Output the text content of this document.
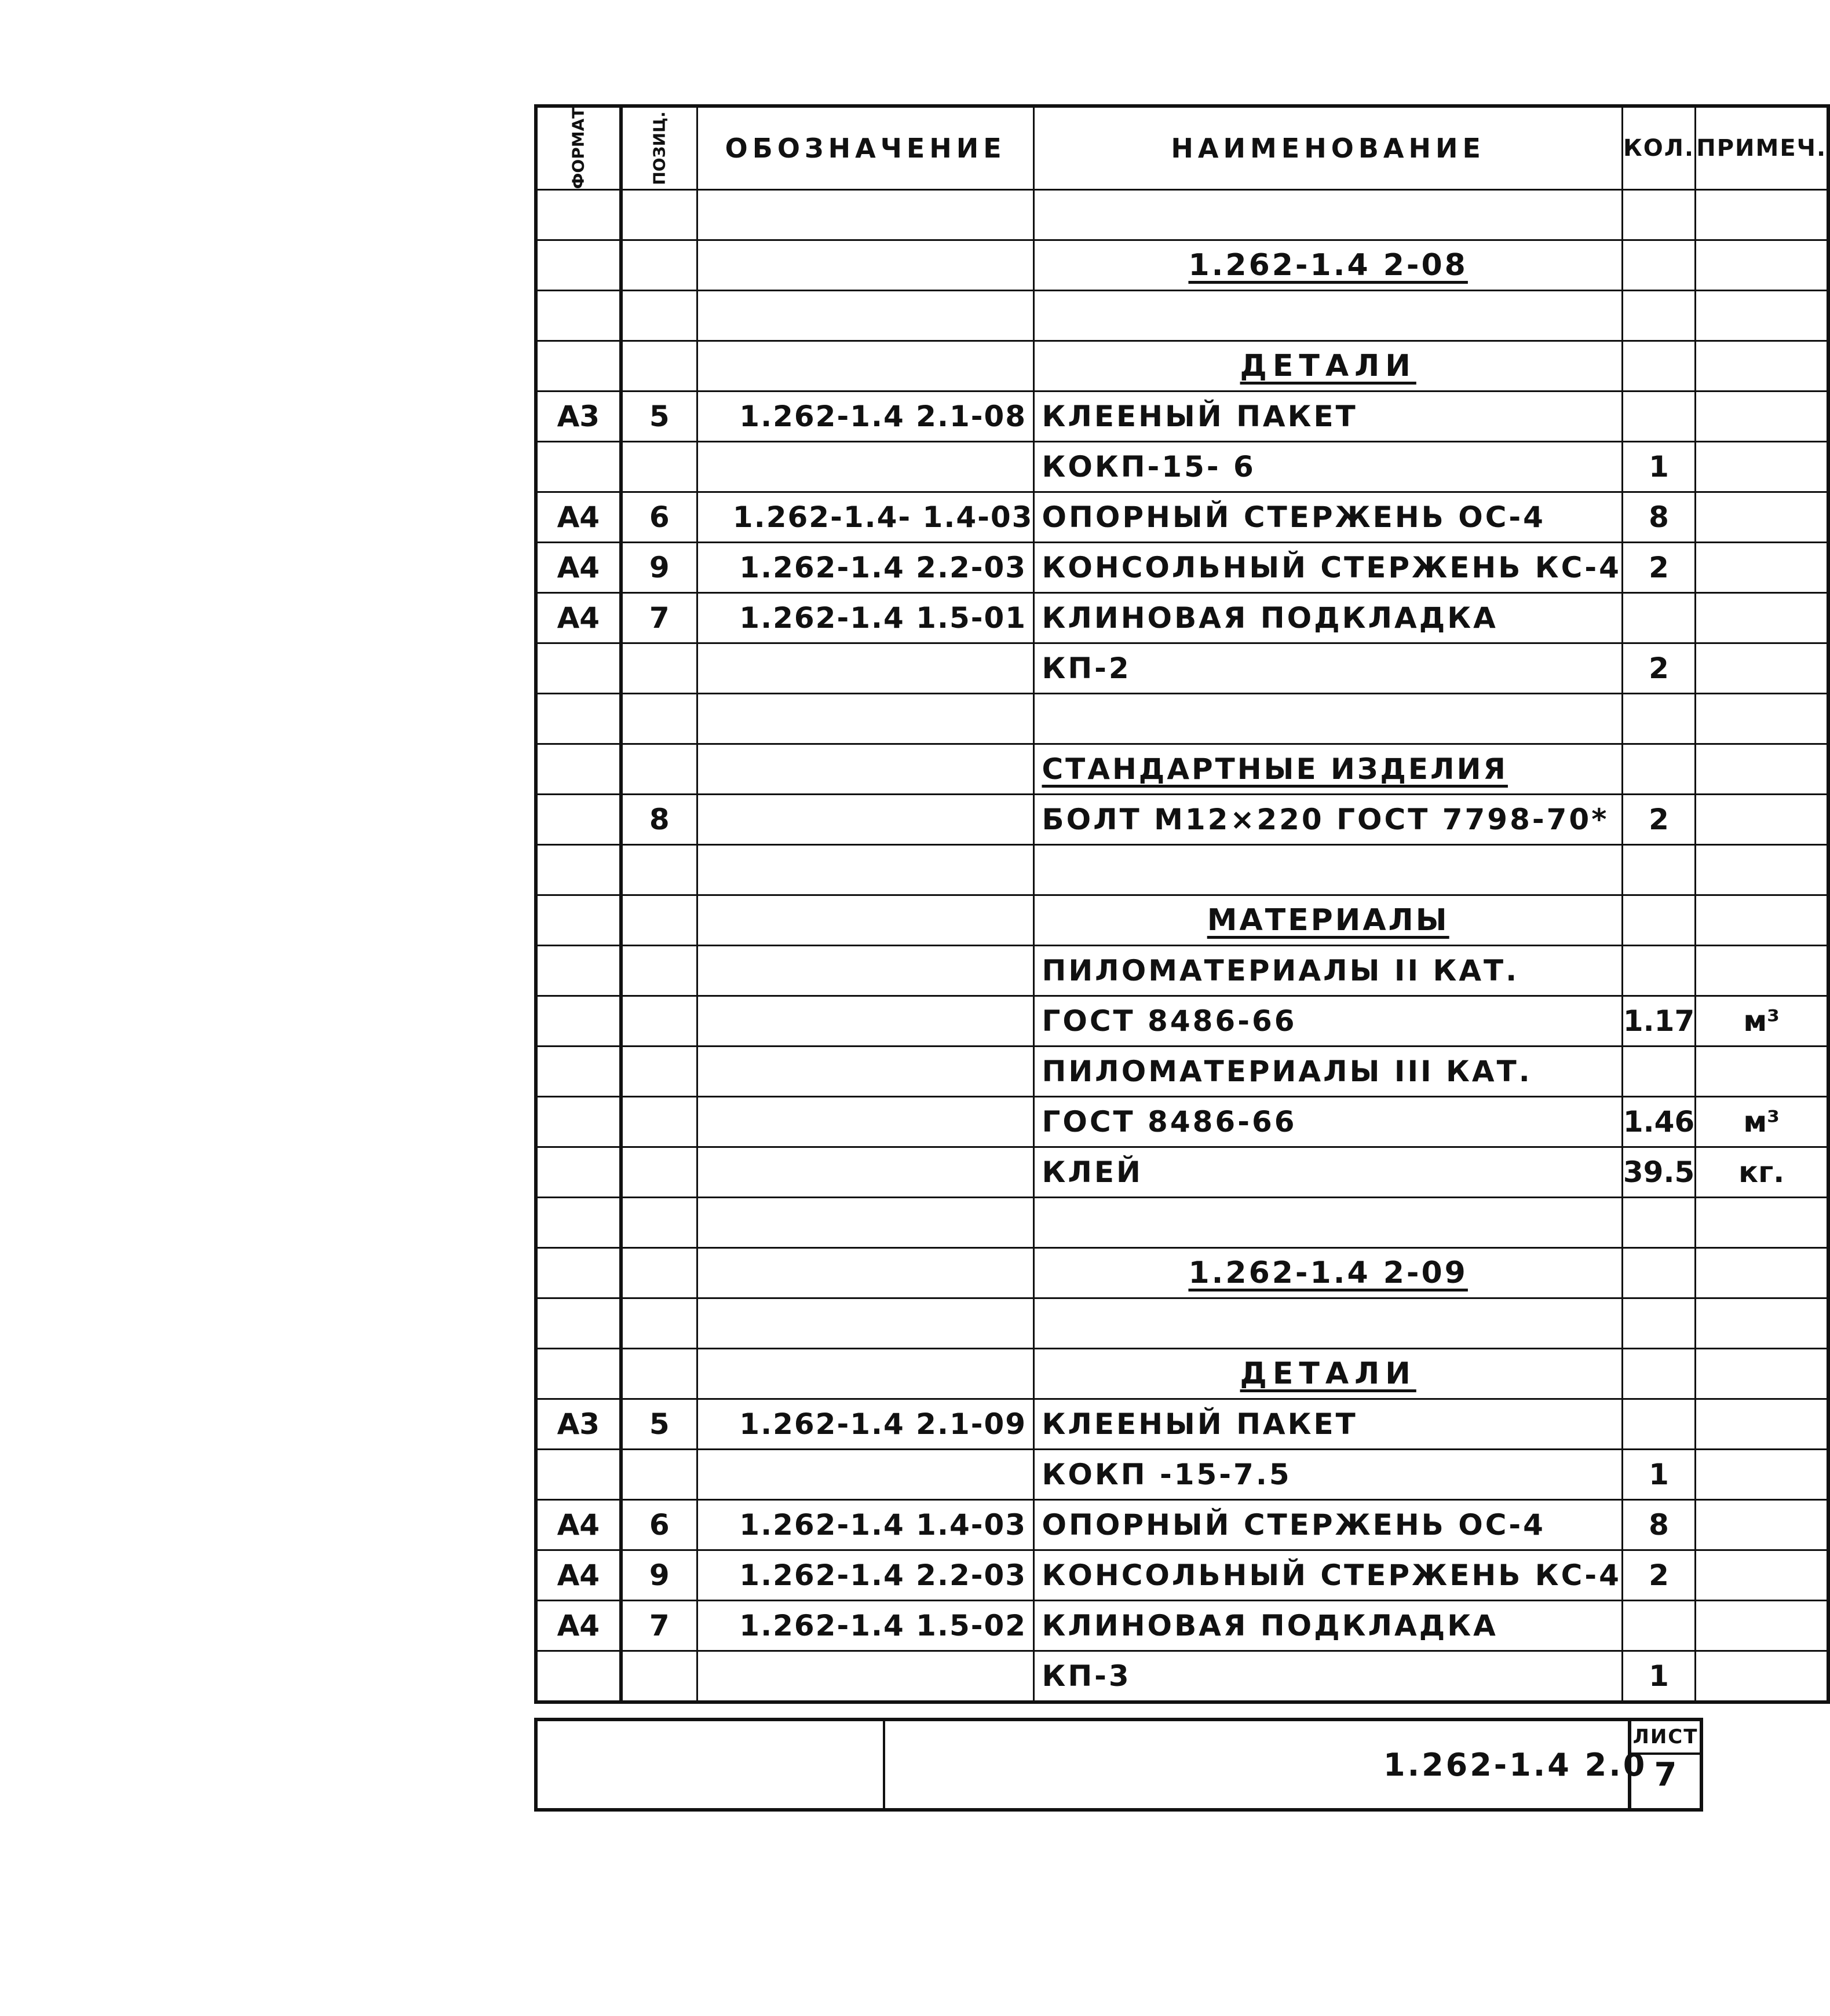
ФОРМАТ		ПОЗИЦ.	ОБОЗНАЧЕНИЕ	НАИМЕНОВАНИЕ	КОЛ.	ПРИМЕЧ.

				1.262-1.4 2-08		

				ДЕТАЛИ		
А3		5	1.262-1.4 2.1-08	КЛЕЕНЫЙ ПАКЕТ		
				КОКП-15- 6	1	
А4		6	1.262-1.4- 1.4-03	ОПОРНЫЙ СТЕРЖЕНЬ ОС-4	8	
А4		9	1.262-1.4 2.2-03	КОНСОЛЬНЫЙ СТЕРЖЕНЬ КС-4	2	
А4		7	1.262-1.4 1.5-01	КЛИНОВАЯ ПОДКЛАДКА		
				КП-2	2	

				СТАНДАРТНЫЕ ИЗДЕЛИЯ		
		8		БОЛТ М12×220 ГОСТ 7798-70*	2	

				МАТЕРИАЛЫ		
				ПИЛОМАТЕРИАЛЫ II КАТ.		
				ГОСТ 8486-66	1.17	м³
				ПИЛОМАТЕРИАЛЫ III КАТ.		
				ГОСТ 8486-66	1.46	м³
				КЛЕЙ	39.5	кг.

				1.262-1.4 2-09		

				ДЕТАЛИ		
А3		5	1.262-1.4 2.1-09	КЛЕЕНЫЙ ПАКЕТ		
				КОКП -15-7.5	1	
А4		6	1.262-1.4 1.4-03	ОПОРНЫЙ СТЕРЖЕНЬ ОС-4	8	
А4		9	1.262-1.4 2.2-03	КОНСОЛЬНЫЙ СТЕРЖЕНЬ КС-4	2	
А4		7	1.262-1.4 1.5-02	КЛИНОВАЯ ПОДКЛАДКА		
				КП-3	1	
1.262-1.4 2.0
ЛИСТ
7
